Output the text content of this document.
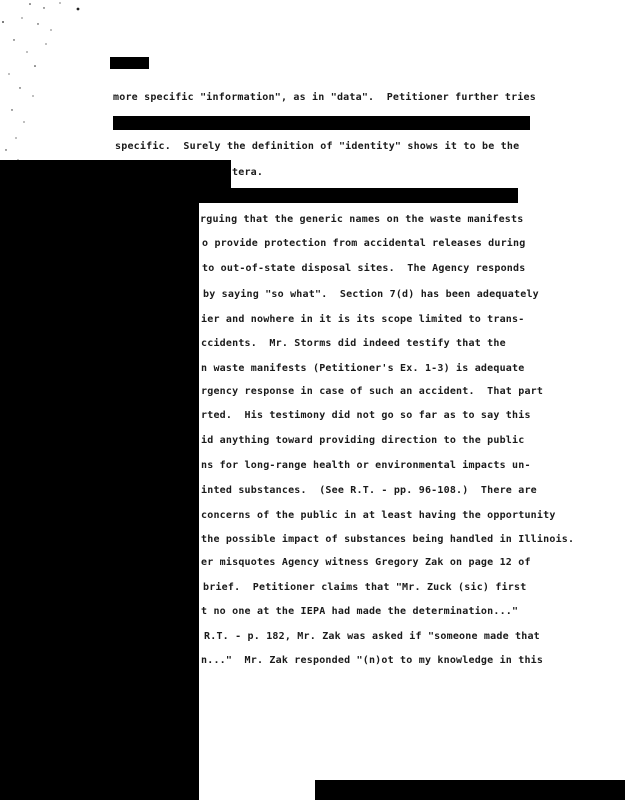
more specific "information", as in "data".  Petitioner further tries
specific.  Surely the definition of "identity" shows it to be the
tera.
rguing that the generic names on the waste manifests
o provide protection from accidental releases during
to out-of-state disposal sites.  The Agency responds
by saying "so what".  Section 7(d) has been adequately
ier and nowhere in it is its scope limited to trans-
ccidents.  Mr. Storms did indeed testify that the
n waste manifests (Petitioner's Ex. 1-3) is adequate
rgency response in case of such an accident.  That part
rted.  His testimony did not go so far as to say this
id anything toward providing direction to the public
ns for long-range health or environmental impacts un-
inted substances.  (See R.T. - pp. 96-108.)  There are
concerns of the public in at least having the opportunity
the possible impact of substances being handled in Illinois.
er misquotes Agency witness Gregory Zak on page 12 of
brief.  Petitioner claims that "Mr. Zuck (sic) first
t no one at the IEPA had made the determination..."
R.T. - p. 182, Mr. Zak was asked if "someone made that
n..."  Mr. Zak responded "(n)ot to my knowledge in this
